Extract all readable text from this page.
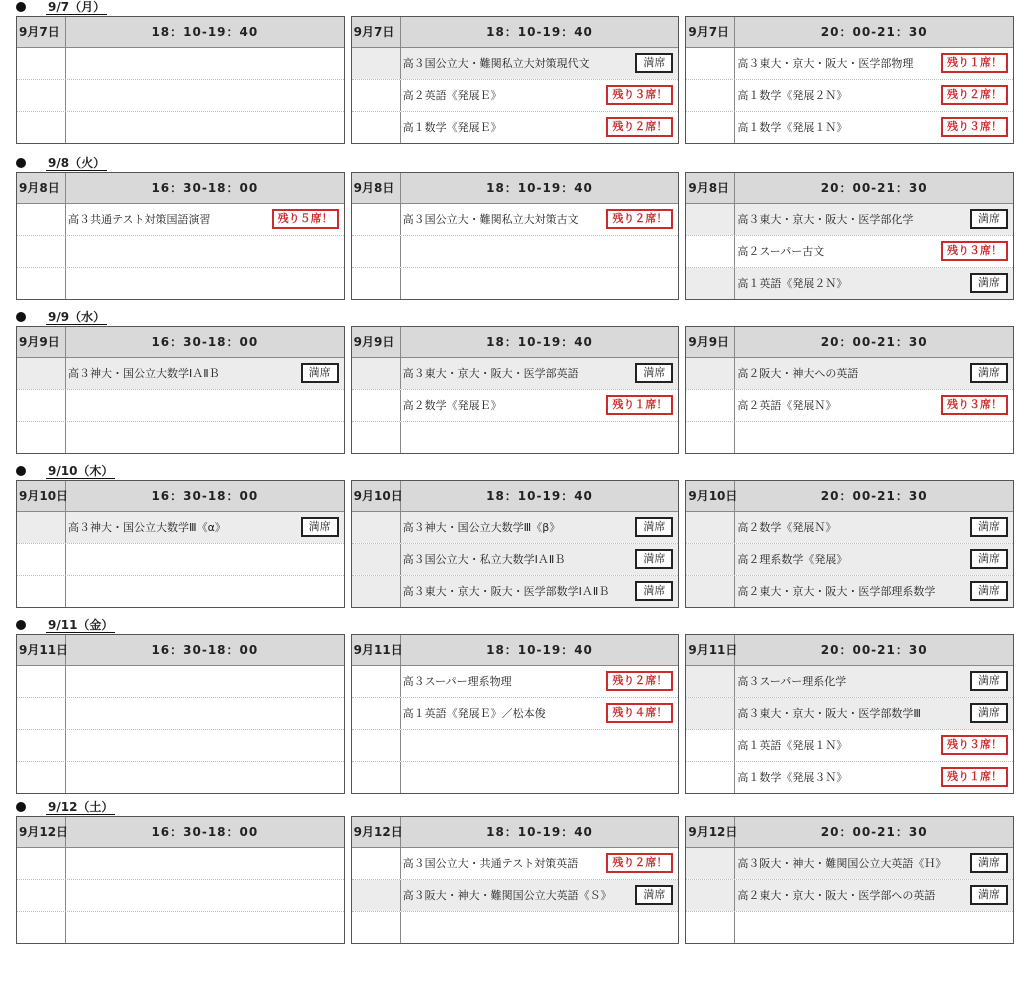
9/7（月）
9月7日	18：10-19：40	9月7日	18：10-19：40
高３国公立大・難関私立大対策現代文	満席
高２英語《発展Ｅ》	残り３席！
高１数学《発展Ｅ》	残り２席！
9月7日	20：00-21：30
高３東大・京大・阪大・医学部物理	残り１席！
高１数学《発展２Ｎ》	残り２席！
高１数学《発展１Ｎ》	残り３席！
9/8（火）
9月8日	16：30-18：00
高３共通テスト対策国語演習	残り５席！
9月8日	18：10-19：40
高３国公立大・難関私立大対策古文	残り２席！
9月8日	20：00-21：30
高３東大・京大・阪大・医学部化学	満席
高２スーパー古文	残り３席！
高１英語《発展２Ｎ》	満席
9/9（水）
9月9日	16：30-18：00
高３神大・国公立大数学ⅠＡⅡＢ	満席
9月9日	18：10-19：40
高３東大・京大・阪大・医学部英語	満席
高２数学《発展Ｅ》	残り１席！
9月9日	20：00-21：30
高２阪大・神大への英語	満席
高２英語《発展Ｎ》	残り３席！
9/10（木）
9月10日	16：30-18：00
高３神大・国公立大数学Ⅲ《α》	満席
9月10日	18：10-19：40
高３神大・国公立大数学Ⅲ《β》	満席
高３国公立大・私立大数学ⅠＡⅡＢ	満席
高３東大・京大・阪大・医学部数学ⅠＡⅡＢ	満席
9月10日	20：00-21：30
高２数学《発展Ｎ》	満席
高２理系数学《発展》	満席
高２東大・京大・阪大・医学部理系数学	満席
9/11（金）
9月11日	16：30-18：00	9月11日	18：10-19：40
高３スーパー理系物理	残り２席！
高１英語《発展Ｅ》／松本俊	残り４席！
9月11日	20：00-21：30
高３スーパー理系化学	満席
高３東大・京大・阪大・医学部数学Ⅲ	満席
高１英語《発展１Ｎ》	残り３席！
高１数学《発展３Ｎ》	残り１席！
9/12（土）
9月12日	16：30-18：00	9月12日	18：10-19：40
高３国公立大・共通テスト対策英語	残り２席！
高３阪大・神大・難関国公立大英語《Ｓ》	満席
9月12日	20：00-21：30
高３阪大・神大・難関国公立大英語《Ｈ》	満席
高２東大・京大・阪大・医学部への英語	満席
